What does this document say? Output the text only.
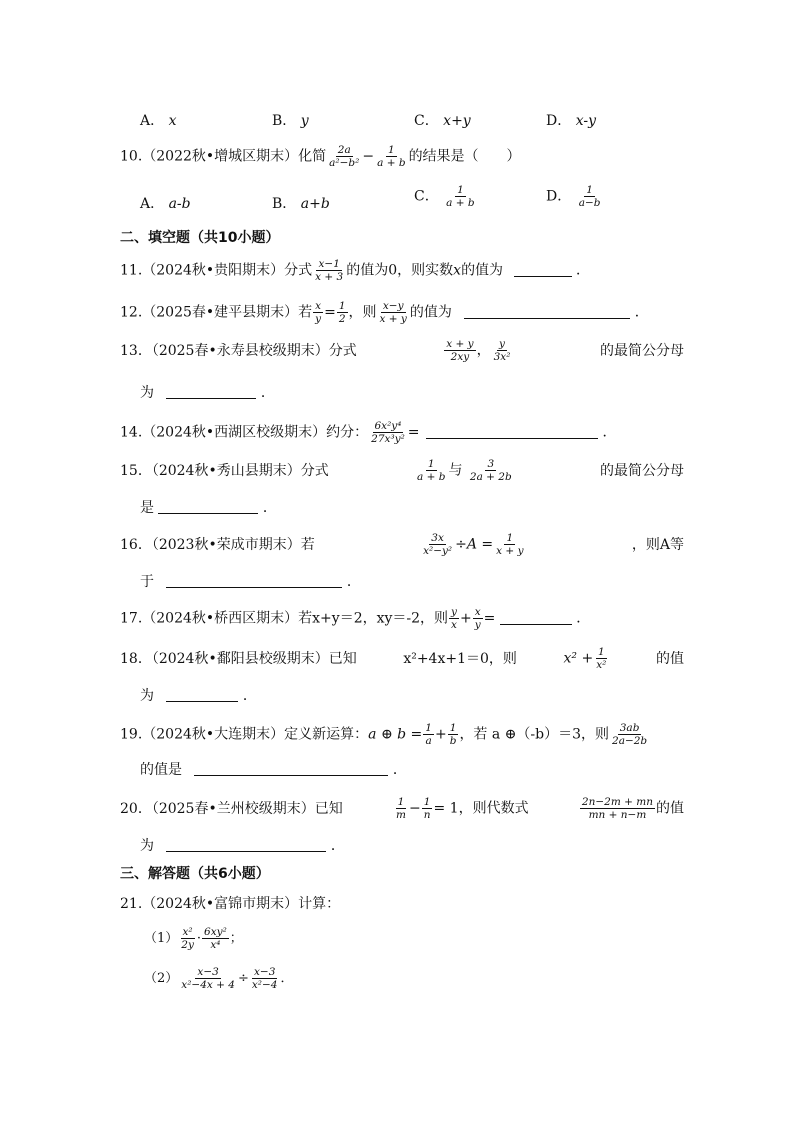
A． x	B． y	C． x+y	D． x-y
10.（2022秋•增城区期末）化简 $\frac{2a}{\text{a²−b²}} - \frac{1}{a + b}$ 的结果是（　　）
A． a-b	B． a+b	C． $\frac{1}{a + b}$	D． $\frac{1}{a-b}$
二、填空题（共10小题）
11.（2024秋•贵阳期末）分式 $\frac{x-1}{x + 3}$ 的值为0，则实数x的值为	．
12.（2025春•建平县期末）若 $\frac{x}{y} = \frac{1}{2}$ ，则 $\frac{x-y}{x + y}$ 的值为	．
13．（2025春•永寿县校级期末）分式	$\frac{x + y}{2xy}$ ， $\frac{y}{\text{3x²}}$	的最简公分母
为	．
14.（2024秋•西湖区校级期末）约分： $\frac{\text{6x²y⁴}}{\text{27x³y²}}$ =	．
15．（2024秋•秀山县期末）分式	$\frac{1}{a + b}$ 与 $\frac{3}{2a + 2b}$	的最简公分母
是	．
16．（2023秋•荣成市期末）若	$\frac{3x}{\text{x²−y²}} \div A = \frac{1}{x + y}$	，则A等
于	．
17.（2024秋•桥西区期末）若x+y＝2，xy＝-2，则 $\frac{y}{x} + \frac{x}{y}$ =	．
18．（2024秋•鄱阳县校级期末）已知	x²+4x+1＝0，则	$x^2 + \frac{1}{\text{x²}}$	的值
为	．
19.（2024秋•大连期末）定义新运算：a ⊕ $b = \frac{1}{a} + \frac{1}{b}$ ，若 a ⊕（-b）＝3，则 $\frac{3ab}{2a-2b}$
的值是	．
20．（2025春•兰州校级期末）已知	$\frac{1}{m} - \frac{1}{n} = 1$，则代数式	$\frac{2n-2m + mn}{mn + n-m}$ 的值
为	．
三、解答题（共6小题）
21.（2024秋•富锦市期末）计算：
$(1) \frac{\text{x²}}{2y} \cdot \frac{\text{6xy²}}{\text{x⁴}}$ ；
$(2) \frac{x-3}{\text{x²−4x + 4}} \div \frac{x-3}{\text{x²−4}}$ ．
